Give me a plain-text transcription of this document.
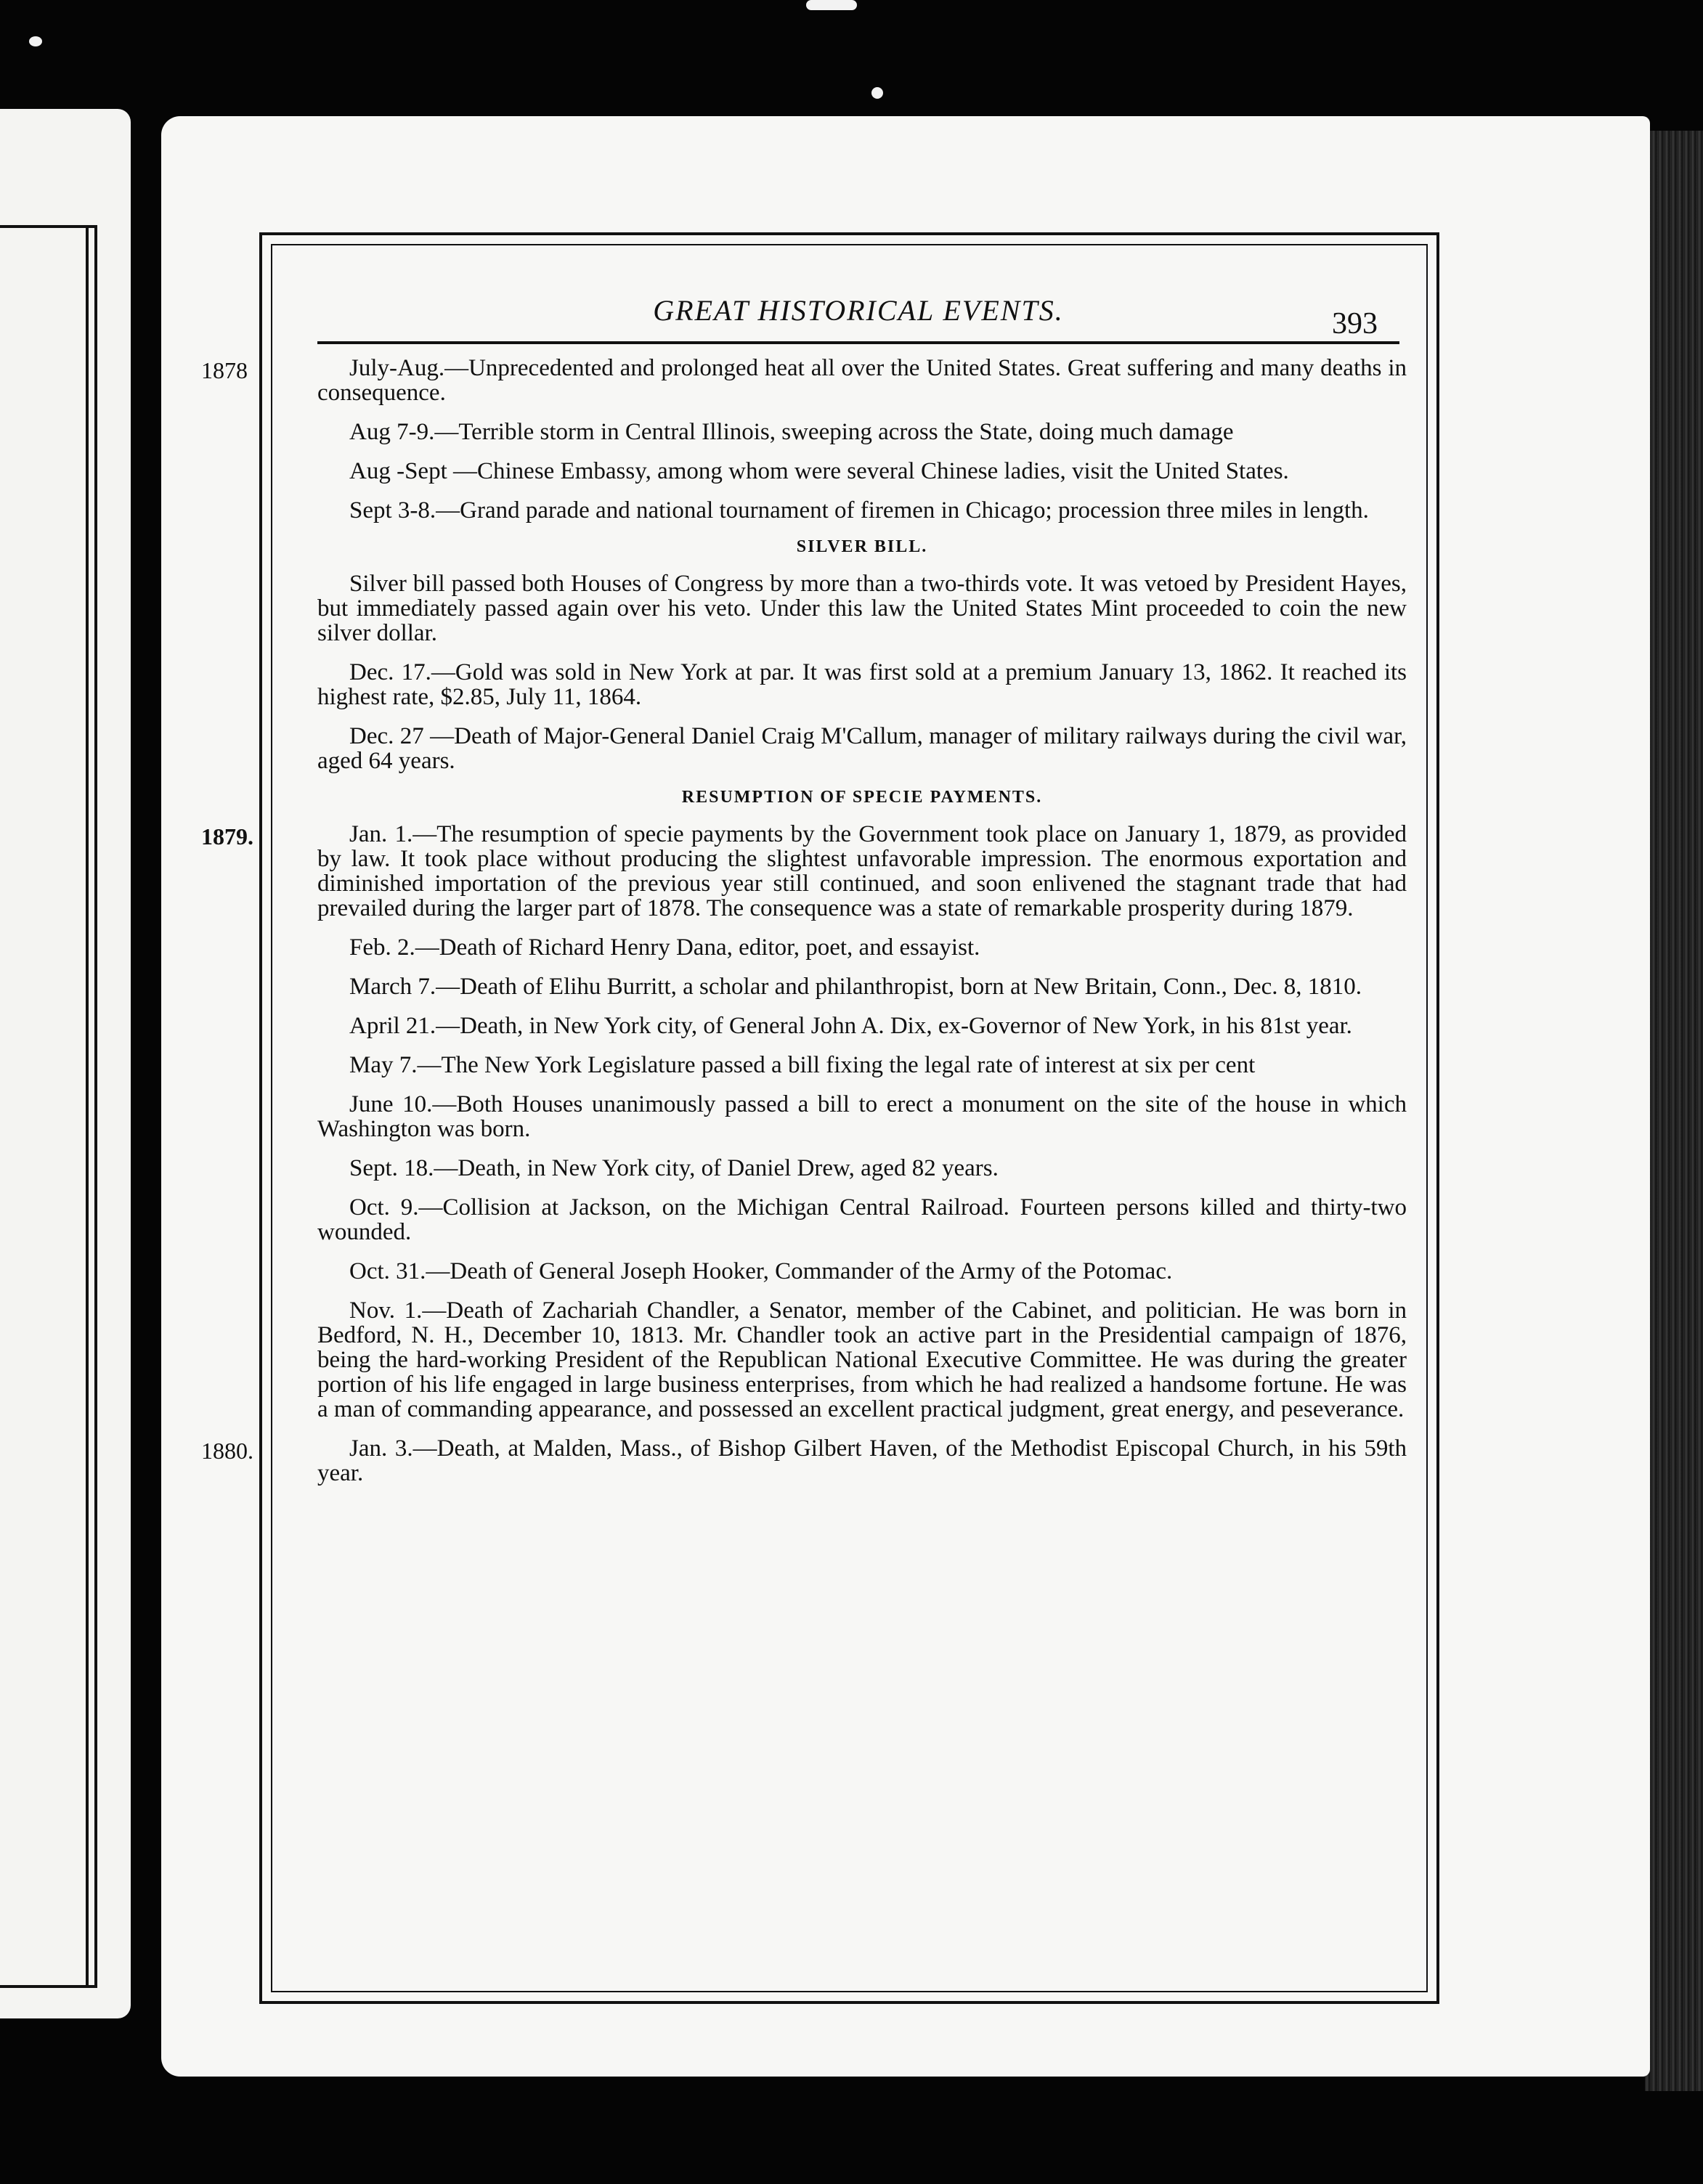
GREAT HISTORICAL EVENTS.	393
1878	July-Aug.—Unprecedented and prolonged heat all over the United States. Great suffering and many deaths in consequence.
Aug 7-9.—Terrible storm in Central Illinois, sweeping across the State, doing much damage
Aug -Sept —Chinese Embassy, among whom were several Chinese ladies, visit the United States.
Sept 3-8.—Grand parade and national tournament of firemen in Chicago; procession three miles in length.
SILVER BILL.
Silver bill passed both Houses of Congress by more than a two-thirds vote. It was vetoed by President Hayes, but immediately passed again over his veto. Under this law the United States Mint proceeded to coin the new silver dollar.
Dec. 17.—Gold was sold in New York at par. It was first sold at a premium January 13, 1862. It reached its highest rate, $2.85, July 11, 1864.
Dec. 27 —Death of Major-General Daniel Craig M'Callum, manager of military railways during the civil war, aged 64 years.
RESUMPTION OF SPECIE PAYMENTS.
1879.	Jan. 1.—The resumption of specie payments by the Government took place on January 1, 1879, as provided by law. It took place without producing the slightest unfavorable impression. The enormous exportation and diminished importation of the previous year still continued, and soon enlivened the stagnant trade that had prevailed during the larger part of 1878. The consequence was a state of remarkable prosperity during 1879.
Feb. 2.—Death of Richard Henry Dana, editor, poet, and essayist.
March 7.—Death of Elihu Burritt, a scholar and philanthropist, born at New Britain, Conn., Dec. 8, 1810.
April 21.—Death, in New York city, of General John A. Dix, ex-Governor of New York, in his 81st year.
May 7.—The New York Legislature passed a bill fixing the legal rate of interest at six per cent
June 10.—Both Houses unanimously passed a bill to erect a monument on the site of the house in which Washington was born.
Sept. 18.—Death, in New York city, of Daniel Drew, aged 82 years.
Oct. 9.—Collision at Jackson, on the Michigan Central Railroad. Fourteen persons killed and thirty-two wounded.
Oct. 31.—Death of General Joseph Hooker, Commander of the Army of the Potomac.
Nov. 1.—Death of Zachariah Chandler, a Senator, member of the Cabinet, and politician. He was born in Bedford, N. H., December 10, 1813. Mr. Chandler took an active part in the Presidential campaign of 1876, being the hard-working President of the Republican National Executive Committee. He was during the greater portion of his life engaged in large business enterprises, from which he had realized a handsome fortune. He was a man of commanding appearance, and possessed an excellent practical judgment, great energy, and peseverance.
1880.	Jan. 3.—Death, at Malden, Mass., of Bishop Gilbert Haven, of the Methodist Episcopal Church, in his 59th year.
